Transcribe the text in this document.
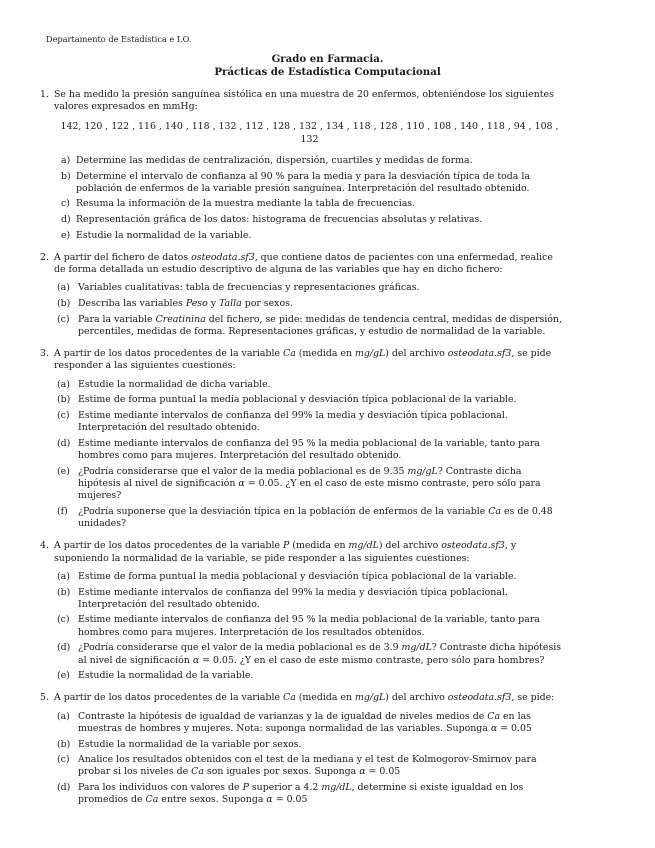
Departamento de Estadística e I.O.
Grado en Farmacia.
Prácticas de Estadística Computacional
1. Se ha medido la presión sanguínea sistólica en una muestra de 20 enfermos, obteniéndose los siguientes valores expresados en mmHg:
142, 120 , 122 , 116 , 140 , 118 , 132 , 112 , 128 , 132 , 134 , 118 , 128 , 110 , 108 , 140 , 118 , 94 , 108 , 132
a) Determine las medidas de centralización, dispersión, cuartiles y medidas de forma.
b) Determine el intervalo de confianza al 90 % para la media y para la desviación típica de toda la población de enfermos de la variable presión sanguínea. Interpretación del resultado obtenido.
c) Resuma la información de la muestra mediante la tabla de frecuencias.
d) Representación gráfica de los datos: histograma de frecuencias absolutas y relativas.
e) Estudie la normalidad de la variable.
2. A partir del fichero de datos osteodata.sf3, que contiene datos de pacientes con una enfermedad, realice de forma detallada un estudio descriptivo de alguna de las variables que hay en dicho fichero:
(a) Variables cualitativas: tabla de frecuencias y representaciones gráficas.
(b) Describa las variables Peso y Talla por sexos.
(c) Para la variable Creatinina del fichero, se pide: medidas de tendencia central, medidas de dispersión, percentiles, medidas de forma. Representaciones gráficas, y estudio de normalidad de la variable.
3. A partir de los datos procedentes de la variable Ca (medida en mg/gL) del archivo osteodata.sf3, se pide responder a las siguientes cuestiones:
(a) Estudie la normalidad de dicha variable.
(b) Estime de forma puntual la media poblacional y desviación típica poblacional de la variable.
(c) Estime mediante intervalos de confianza del 99% la media y desviación típica poblacional. Interpretación del resultado obtenido.
(d) Estime mediante intervalos de confianza del 95 % la media poblacional de la variable, tanto para hombres como para mujeres. Interpretación del resultado obtenido.
(e) ¿Podría considerarse que el valor de la media poblacional es de 9.35 mg/gL? Contraste dicha hipótesis al nivel de significación α = 0.05. ¿Y en el caso de este mismo contraste, pero sólo para mujeres?
(f) ¿Podría suponerse que la desviación típica en la población de enfermos de la variable Ca es de 0.48 unidades?
4. A partir de los datos procedentes de la variable P (medida en mg/dL) del archivo osteodata.sf3, y suponiendo la normalidad de la variable, se pide responder a las siguientes cuestiones:
(a) Estime de forma puntual la media poblacional y desviación típica poblacional de la variable.
(b) Estime mediante intervalos de confianza del 99% la media y desviación típica poblacional. Interpretación del resultado obtenido.
(c) Estime mediante intervalos de confianza del 95 % la media poblacional de la variable, tanto para hombres como para mujeres. Interpretación de los resultados obtenidos.
(d) ¿Podría considerarse que el valor de la media poblacional es de 3.9 mg/dL? Contraste dicha hipótesis al nivel de significación α = 0.05. ¿Y en el caso de este mismo contraste, pero sólo para hombres?
(e) Estudie la normalidad de la variable.
5. A partir de los datos procedentes de la variable Ca (medida en mg/gL) del archivo osteodata.sf3, se pide:
(a) Contraste la hipótesis de igualdad de varianzas y la de igualdad de niveles medios de Ca en las muestras de hombres y mujeres. Nota: suponga normalidad de las variables. Suponga α = 0.05
(b) Estudie la normalidad de la variable por sexos.
(c) Analice los resultados obtenidos con el test de la mediana y el test de Kolmogorov-Smirnov para probar si los niveles de Ca son iguales por sexos. Suponga α = 0.05
(d) Para los individuos con valores de P superior a 4.2 mg/dL, determine si existe igualdad en los promedios de Ca entre sexos. Suponga α = 0.05
